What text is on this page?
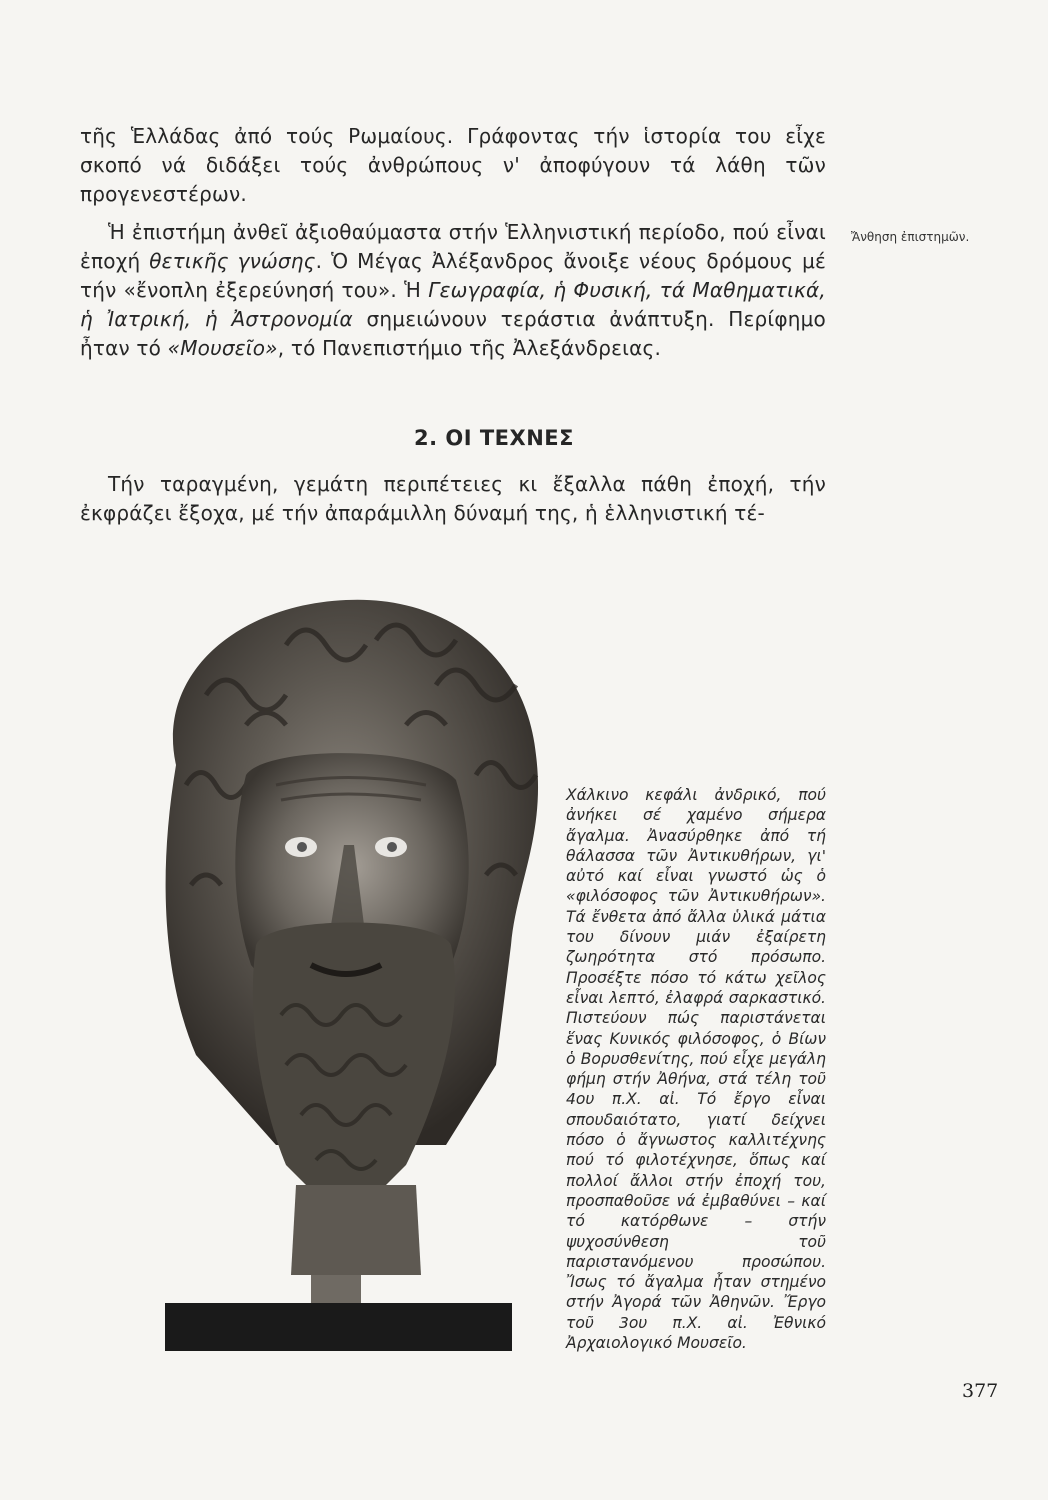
τῆς Ἑλλάδας ἀπό τούς Ρωμαίους. Γράφοντας τήν ἱστορία του εἶχε σκοπό νά διδάξει τούς ἀνθρώπους ν' ἀποφύγουν τά λάθη τῶν προγενεστέρων.

Ἡ ἐπιστήμη ἀνθεῖ ἀξιοθαύμαστα στήν Ἑλληνιστική περίοδο, πού εἶναι ἐποχή θετικῆς γνώσης. Ὁ Μέγας Ἀλέξανδρος ἄνοιξε νέους δρόμους μέ τήν «ἔνοπλη ἐξερεύνησή του». Ἡ Γεωγραφία, ἡ Φυσική, τά Μαθηματικά, ἡ Ἰατρική, ἡ Ἀστρονομία σημειώνουν τεράστια ἀνάπτυξη. Περίφημο ἦταν τό «Μουσεῖο», τό Πανεπιστήμιο τῆς Ἀλεξάνδρειας.

Ἄνθηση ἐπιστημῶν.
2. ΟΙ ΤΕΧΝΕΣ

Τήν ταραγμένη, γεμάτη περιπέτειες κι ἔξαλλα πάθη ἐποχή, τήν ἐκφράζει ἔξοχα, μέ τήν ἀπαράμιλλη δύναμή της, ἡ ἑλληνιστική τέ-

Χάλκινο κεφάλι ἀνδρικό, πού ἀνήκει σέ χαμένο σήμερα ἄγαλμα. Ἀνασύρθηκε ἀπό τή θάλασσα τῶν Ἀντικυθήρων, γι' αὐτό καί εἶναι γνωστό ὡς ὁ «φιλόσοφος τῶν Ἀντικυθήρων». Τά ἔνθετα ἀπό ἄλλα ὑλικά μάτια του δίνουν μιάν ἐξαίρετη ζωηρότητα στό πρόσωπο. Προσέξτε πόσο τό κάτω χεῖλος εἶναι λεπτό, ἐλαφρά σαρκαστικό. Πιστεύουν πώς παριστάνεται ἕνας Κυνικός φιλόσοφος, ὁ Βίων ὁ Βορυσθενίτης, πού εἶχε μεγάλη φήμη στήν Ἀθήνα, στά τέλη τοῦ 4ου π.Χ. αἰ. Τό ἔργο εἶναι σπουδαιότατο, γιατί δείχνει πόσο ὁ ἄγνωστος καλλιτέχνης πού τό φιλοτέχνησε, ὅπως καί πολλοί ἄλλοι στήν ἐποχή του, προσπαθοῦσε νά ἐμβαθύνει – καί τό κατόρθωνε – στήν ψυχοσύνθεση τοῦ παριστανόμενου προσώπου. Ἴσως τό ἄγαλμα ἦταν στημένο στήν Ἀγορά τῶν Ἀθηνῶν. Ἔργο τοῦ 3ου π.Χ. αἰ. Ἐθνικό Ἀρχαιολογικό Μουσεῖο.

377
